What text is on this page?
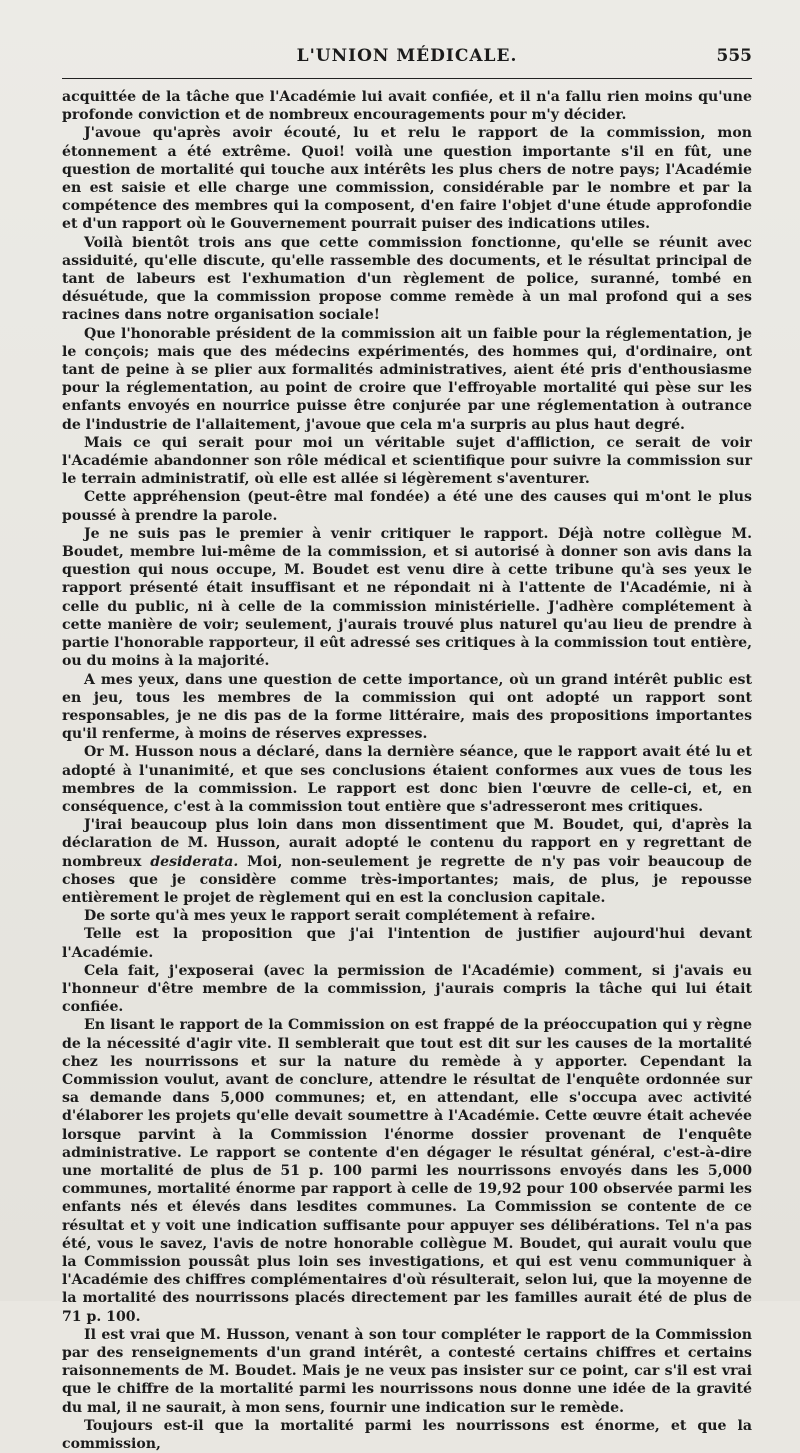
L'UNION MÉDICALE.	555

acquittée de la tâche que l'Académie lui avait confiée, et il n'a fallu rien moins qu'une profonde conviction et de nombreux encouragements pour m'y décider.

J'avoue qu'après avoir écouté, lu et relu le rapport de la commission, mon étonnement a été extrême. Quoi! voilà une question importante s'il en fût, une question de mortalité qui touche aux intérêts les plus chers de notre pays; l'Académie en est saisie et elle charge une commission, considérable par le nombre et par la compétence des membres qui la composent, d'en faire l'objet d'une étude approfondie et d'un rapport où le Gouvernement pourrait puiser des indications utiles.

Voilà bientôt trois ans que cette commission fonctionne, qu'elle se réunit avec assiduité, qu'elle discute, qu'elle rassemble des documents, et le résultat principal de tant de labeurs est l'exhumation d'un règlement de police, suranné, tombé en désuétude, que la commission propose comme remède à un mal profond qui a ses racines dans notre organisation sociale!

Que l'honorable président de la commission ait un faible pour la réglementation, je le conçois; mais que des médecins expérimentés, des hommes qui, d'ordinaire, ont tant de peine à se plier aux formalités administratives, aient été pris d'enthousiasme pour la réglementation, au point de croire que l'effroyable mortalité qui pèse sur les enfants envoyés en nourrice puisse être conjurée par une réglementation à outrance de l'industrie de l'allaitement, j'avoue que cela m'a surpris au plus haut degré.

Mais ce qui serait pour moi un véritable sujet d'affliction, ce serait de voir l'Académie abandonner son rôle médical et scientifique pour suivre la commission sur le terrain administratif, où elle est allée si légèrement s'aventurer.

Cette appréhension (peut-être mal fondée) a été une des causes qui m'ont le plus poussé à prendre la parole.

Je ne suis pas le premier à venir critiquer le rapport. Déjà notre collègue M. Boudet, membre lui-même de la commission, et si autorisé à donner son avis dans la question qui nous occupe, M. Boudet est venu dire à cette tribune qu'à ses yeux le rapport présenté était insuffisant et ne répondait ni à l'attente de l'Académie, ni à celle du public, ni à celle de la commission ministérielle. J'adhère complétement à cette manière de voir; seulement, j'aurais trouvé plus naturel qu'au lieu de prendre à partie l'honorable rapporteur, il eût adressé ses critiques à la commission tout entière, ou du moins à la majorité.

A mes yeux, dans une question de cette importance, où un grand intérêt public est en jeu, tous les membres de la commission qui ont adopté un rapport sont responsables, je ne dis pas de la forme littéraire, mais des propositions importantes qu'il renferme, à moins de réserves expresses.

Or M. Husson nous a déclaré, dans la dernière séance, que le rapport avait été lu et adopté à l'unanimité, et que ses conclusions étaient conformes aux vues de tous les membres de la commission. Le rapport est donc bien l'œuvre de celle-ci, et, en conséquence, c'est à la commission tout entière que s'adresseront mes critiques.

J'irai beaucoup plus loin dans mon dissentiment que M. Boudet, qui, d'après la déclaration de M. Husson, aurait adopté le contenu du rapport en y regrettant de nombreux desiderata. Moi, non-seulement je regrette de n'y pas voir beaucoup de choses que je considère comme très-importantes; mais, de plus, je repousse entièrement le projet de règlement qui en est la conclusion capitale.

De sorte qu'à mes yeux le rapport serait complétement à refaire.

Telle est la proposition que j'ai l'intention de justifier aujourd'hui devant l'Académie.

Cela fait, j'exposerai (avec la permission de l'Académie) comment, si j'avais eu l'honneur d'être membre de la commission, j'aurais compris la tâche qui lui était confiée.

En lisant le rapport de la Commission on est frappé de la préoccupation qui y règne de la nécessité d'agir vite. Il semblerait que tout est dit sur les causes de la mortalité chez les nourrissons et sur la nature du remède à y apporter. Cependant la Commission voulut, avant de conclure, attendre le résultat de l'enquête ordonnée sur sa demande dans 5,000 communes; et, en attendant, elle s'occupa avec activité d'élaborer les projets qu'elle devait soumettre à l'Académie. Cette œuvre était achevée lorsque parvint à la Commission l'énorme dossier provenant de l'enquête administrative. Le rapport se contente d'en dégager le résultat général, c'est-à-dire une mortalité de plus de 51 p. 100 parmi les nourrissons envoyés dans les 5,000 communes, mortalité énorme par rapport à celle de 19,92 pour 100 observée parmi les enfants nés et élevés dans lesdites communes. La Commission se contente de ce résultat et y voit une indication suffisante pour appuyer ses délibérations. Tel n'a pas été, vous le savez, l'avis de notre honorable collègue M. Boudet, qui aurait voulu que la Commission poussât plus loin ses investigations, et qui est venu communiquer à l'Académie des chiffres complémentaires d'où résulterait, selon lui, que la moyenne de la mortalité des nourrissons placés directement par les familles aurait été de plus de 71 p. 100.

Il est vrai que M. Husson, venant à son tour compléter le rapport de la Commission par des renseignements d'un grand intérêt, a contesté certains chiffres et certains raisonnements de M. Boudet. Mais je ne veux pas insister sur ce point, car s'il est vrai que le chiffre de la mortalité parmi les nourrissons nous donne une idée de la gravité du mal, il ne saurait, à mon sens, fournir une indication sur le remède.

Toujours est-il que la mortalité parmi les nourrissons est énorme, et que la commission,
